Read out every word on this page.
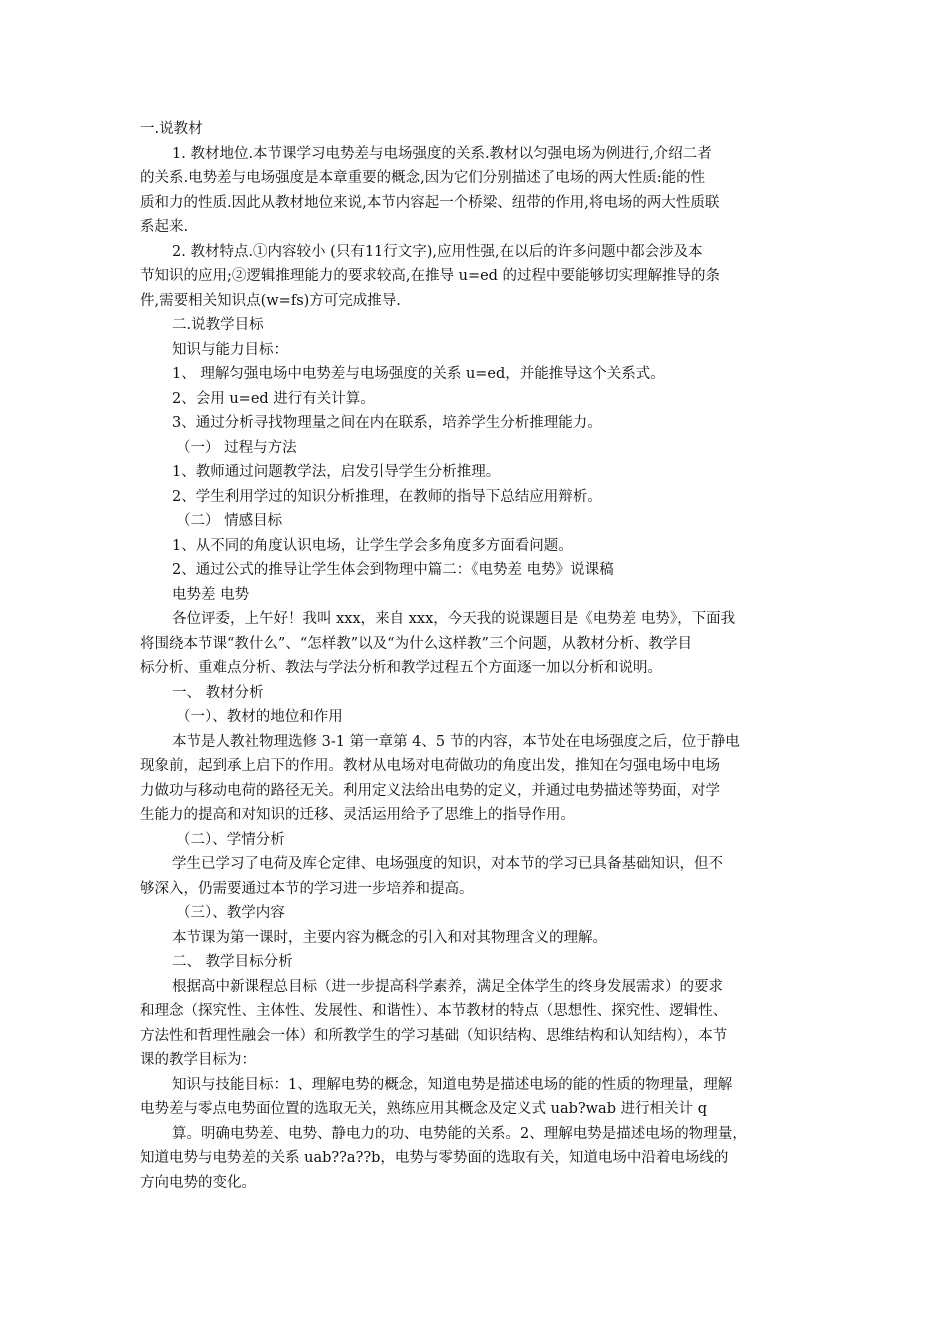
一.说教材
1. 教材地位.本节课学习电势差与电场强度的关系.教材以匀强电场为例进行,介绍二者
的关系.电势差与电场强度是本章重要的概念,因为它们分别描述了电场的两大性质:能的性
质和力的性质.因此从教材地位来说,本节内容起一个桥梁、纽带的作用,将电场的两大性质联
系起来.
2. 教材特点.①内容较小 (只有11行文字),应用性强,在以后的许多问题中都会涉及本
节知识的应用;②逻辑推理能力的要求较高,在推导 u=ed 的过程中要能够切实理解推导的条
件,需要相关知识点(w=fs)方可完成推导.
二.说教学目标
知识与能力目标：
1、 理解匀强电场中电势差与电场强度的关系 u=ed，并能推导这个关系式。
2、会用 u=ed 进行有关计算。
3、通过分析寻找物理量之间在内在联系，培养学生分析推理能力。
（一） 过程与方法
1、教师通过问题教学法，启发引导学生分析推理。
2、学生利用学过的知识分析推理，在教师的指导下总结应用辩析。
（二） 情感目标
1、从不同的角度认识电场，让学生学会多角度多方面看问题。
2、通过公式的推导让学生体会到物理中篇二：《电势差 电势》说课稿
电势差 电势
各位评委，上午好！我叫 xxx，来自 xxx，今天我的说课题目是《电势差 电势》，下面我
将围绕本节课“教什么”、“怎样教”以及“为什么这样教”三个问题，从教材分析、教学目
标分析、重难点分析、教法与学法分析和教学过程五个方面逐一加以分析和说明。
一、 教材分析
（一）、教材的地位和作用
本节是人教社物理选修 3-1 第一章第 4、5 节的内容，本节处在电场强度之后，位于静电
现象前，起到承上启下的作用。教材从电场对电荷做功的角度出发，推知在匀强电场中电场
力做功与移动电荷的路径无关。利用定义法给出电势的定义，并通过电势描述等势面，对学
生能力的提高和对知识的迁移、灵活运用给予了思维上的指导作用。
（二）、学情分析
学生已学习了电荷及库仑定律、电场强度的知识，对本节的学习已具备基础知识，但不
够深入，仍需要通过本节的学习进一步培养和提高。
（三）、教学内容
本节课为第一课时，主要内容为概念的引入和对其物理含义的理解。
二、 教学目标分析
根据高中新课程总目标（进一步提高科学素养，满足全体学生的终身发展需求）的要求
和理念（探究性、主体性、发展性、和谐性）、本节教材的特点（思想性、探究性、逻辑性、
方法性和哲理性融会一体）和所教学生的学习基础（知识结构、思维结构和认知结构），本节
课的教学目标为：
知识与技能目标：1、理解电势的概念，知道电势是描述电场的能的性质的物理量，理解
电势差与零点电势面位置的选取无关，熟练应用其概念及定义式 uab?wab 进行相关计 q
算。明确电势差、电势、静电力的功、电势能的关系。2、理解电势是描述电场的物理量，
知道电势与电势差的关系 uab??a??b，电势与零势面的选取有关，知道电场中沿着电场线的
方向电势的变化。
